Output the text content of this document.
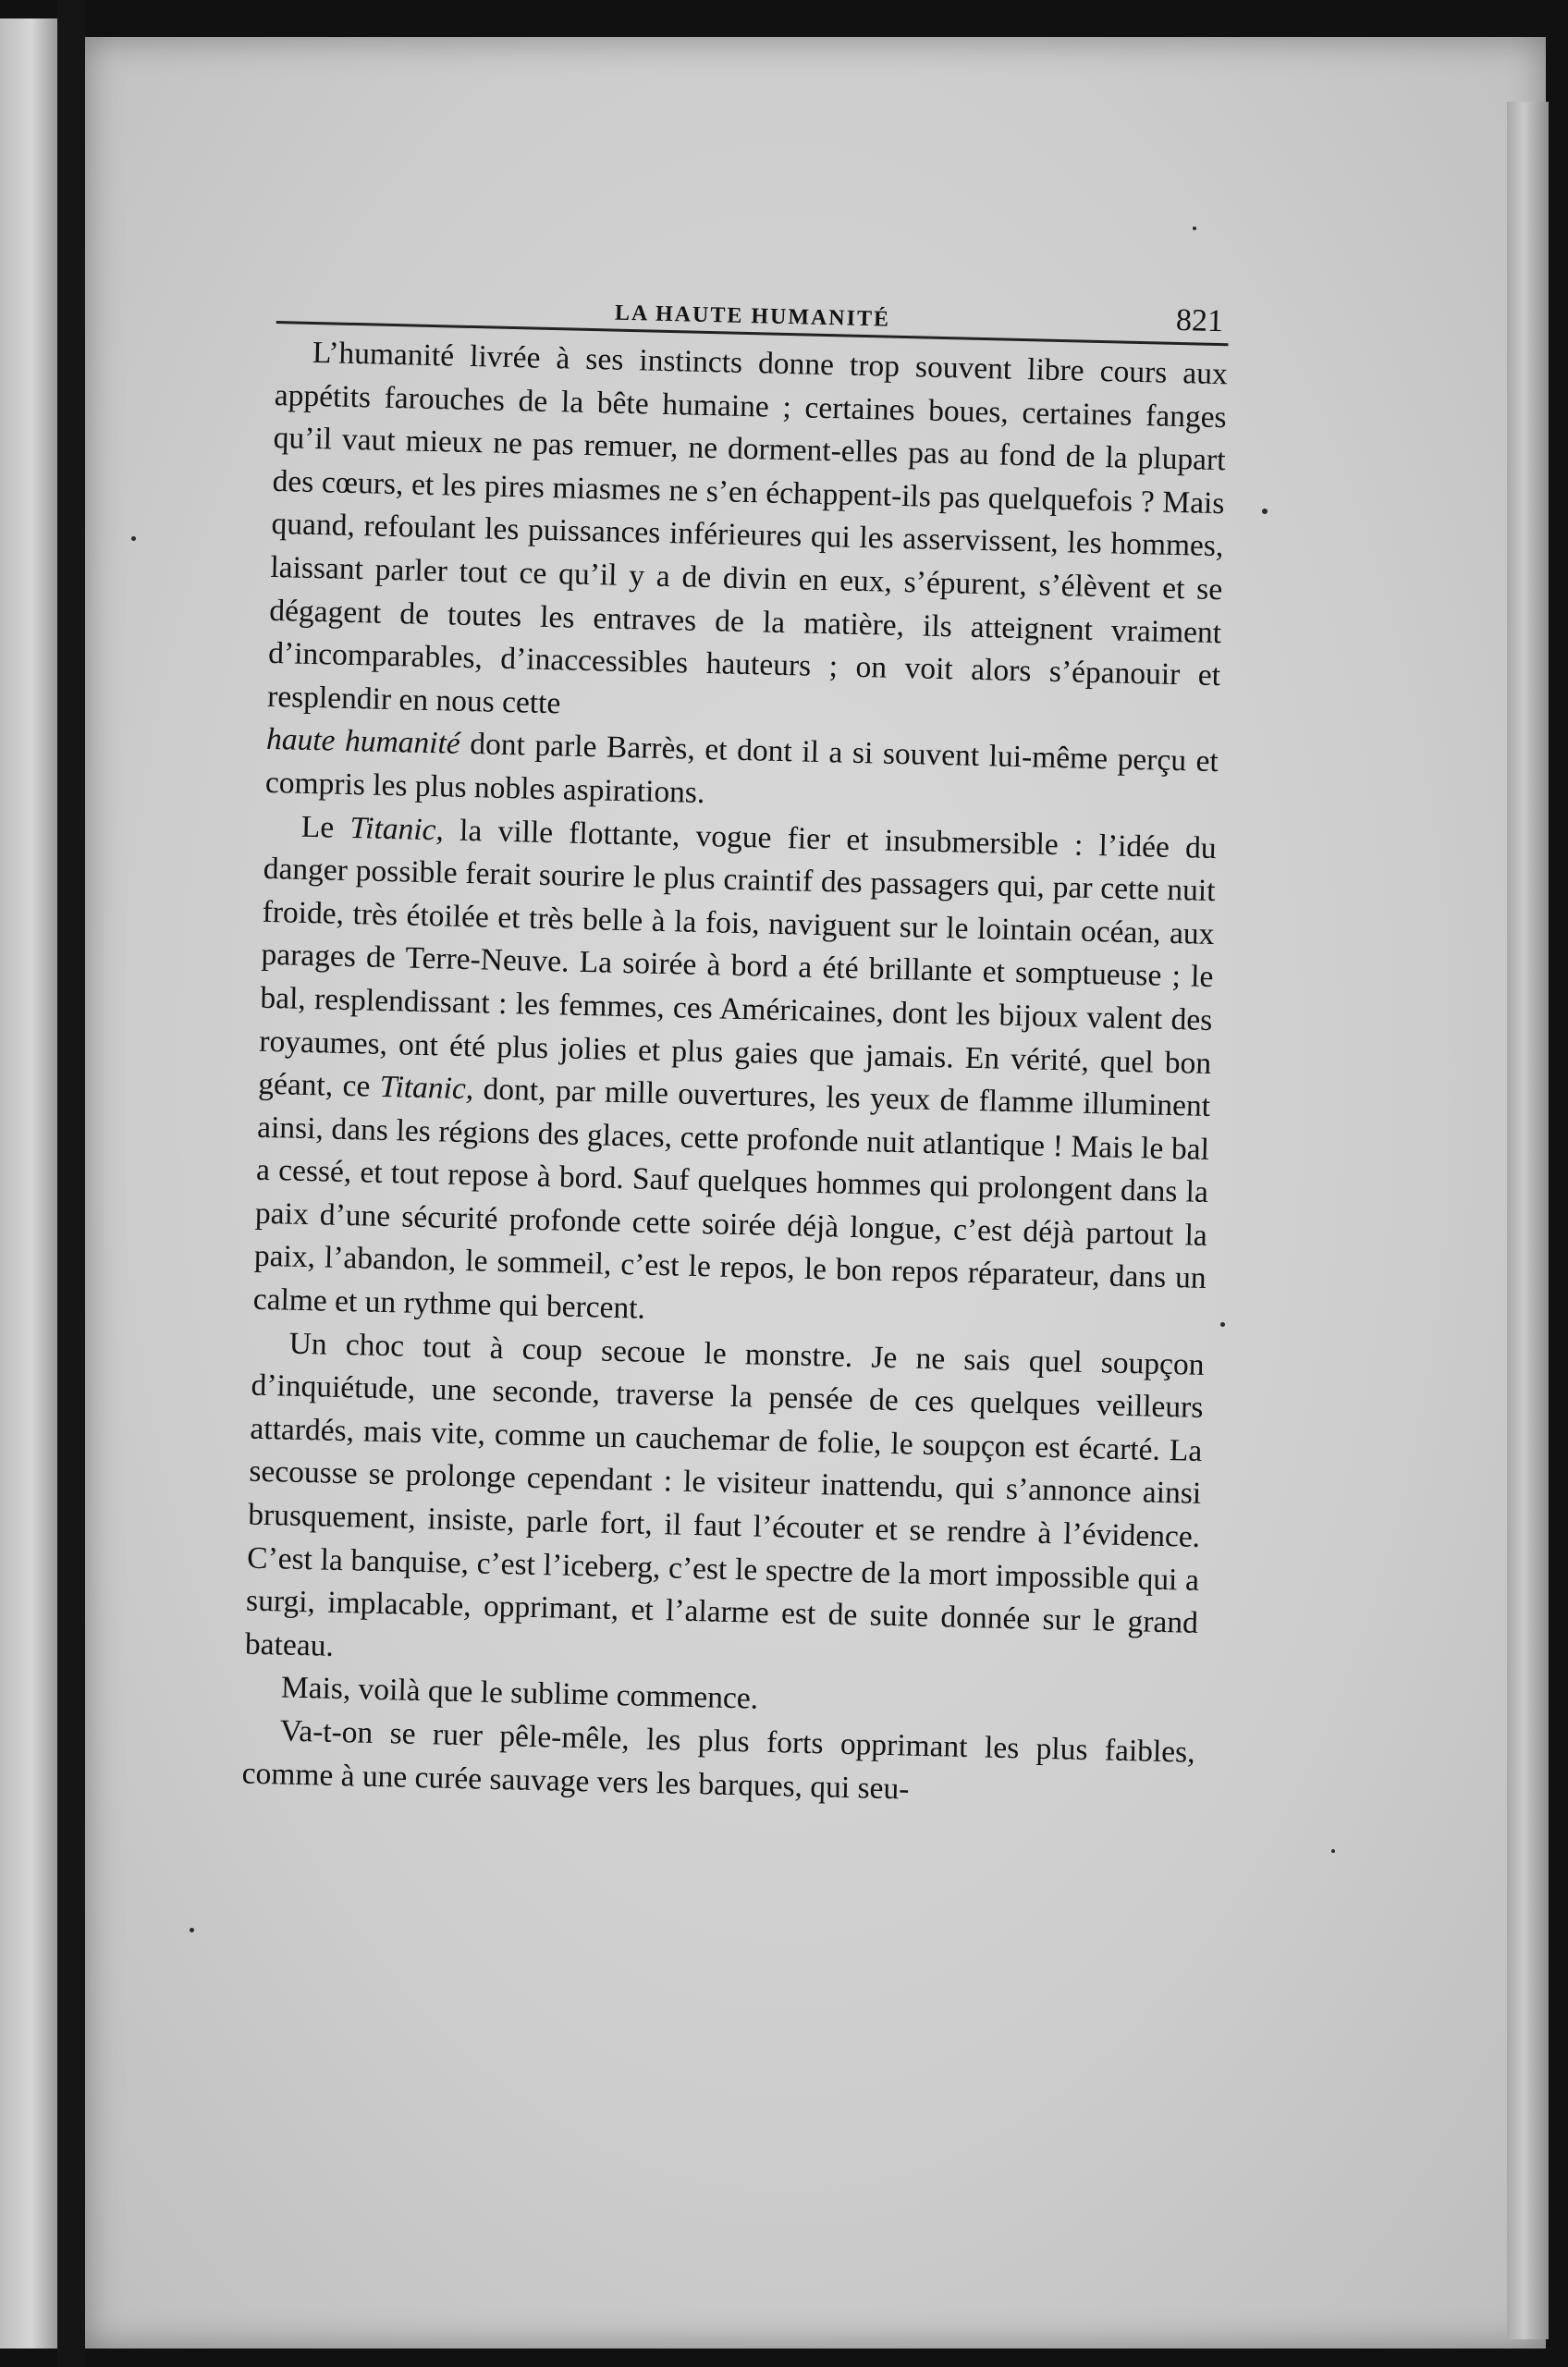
LA HAUTE HUMANITÉ	821

L’humanité livrée à ses instincts donne trop souvent libre cours aux appétits farouches de la bête humaine ; certaines boues, certaines fanges qu’il vaut mieux ne pas remuer, ne dorment-elles pas au fond de la plupart des cœurs, et les pires miasmes ne s’en échappent-ils pas quelquefois ? Mais quand, refoulant les puissances inférieures qui les asservissent, les hommes, laissant parler tout ce qu’il y a de divin en eux, s’épurent, s’élèvent et se dégagent de toutes les entraves de la matière, ils atteignent vraiment d’incomparables, d’inaccessibles hauteurs ; on voit alors s’épanouir et resplendir en nous cette

haute humanité dont parle Barrès, et dont il a si souvent lui-même perçu et compris les plus nobles aspirations.

Le Titanic, la ville flottante, vogue fier et insubmersible : l’idée du danger possible ferait sourire le plus craintif des passagers qui, par cette nuit froide, très étoilée et très belle à la fois, naviguent sur le lointain océan, aux parages de Terre-Neuve. La soirée à bord a été brillante et somptueuse ; le bal, resplendissant : les femmes, ces Américaines, dont les bijoux valent des royaumes, ont été plus jolies et plus gaies que jamais. En vérité, quel bon géant, ce Titanic, dont, par mille ouvertures, les yeux de flamme illuminent ainsi, dans les régions des glaces, cette profonde nuit atlantique ! Mais le bal a cessé, et tout repose à bord. Sauf quelques hommes qui prolongent dans la paix d’une sécurité profonde cette soirée déjà longue, c’est déjà partout la paix, l’abandon, le sommeil, c’est le repos, le bon repos réparateur, dans un calme et un rythme qui bercent.

Un choc tout à coup secoue le monstre. Je ne sais quel soupçon d’inquiétude, une seconde, traverse la pensée de ces quelques veilleurs attardés, mais vite, comme un cauchemar de folie, le soupçon est écarté. La secousse se prolonge cependant : le visiteur inattendu, qui s’annonce ainsi brusquement, insiste, parle fort, il faut l’écouter et se rendre à l’évidence. C’est la banquise, c’est l’iceberg, c’est le spectre de la mort impossible qui a surgi, implacable, opprimant, et l’alarme est de suite donnée sur le grand bateau.

Mais, voilà que le sublime commence.

Va-t-on se ruer pêle-mêle, les plus forts opprimant les plus faibles, comme à une curée sauvage vers les barques, qui seu-
